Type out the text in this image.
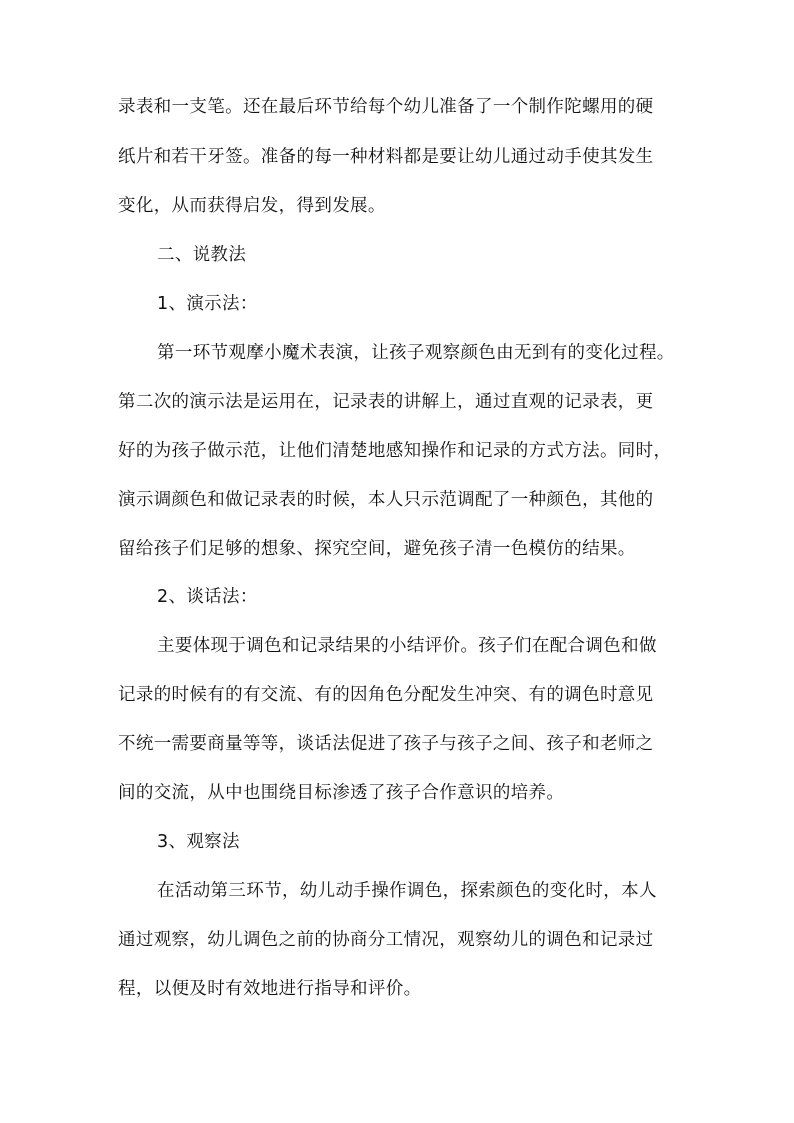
录表和一支笔。还在最后环节给每个幼儿准备了一个制作陀螺用的硬
纸片和若干牙签。准备的每一种材料都是要让幼儿通过动手使其发生
变化，从而获得启发，得到发展。
二、说教法
1、演示法：
第一环节观摩小魔术表演，让孩子观察颜色由无到有的变化过程。
第二次的演示法是运用在，记录表的讲解上，通过直观的记录表，更
好的为孩子做示范，让他们清楚地感知操作和记录的方式方法。同时，
演示调颜色和做记录表的时候，本人只示范调配了一种颜色，其他的
留给孩子们足够的想象、探究空间，避免孩子清一色模仿的结果。
2、谈话法：
主要体现于调色和记录结果的小结评价。孩子们在配合调色和做
记录的时候有的有交流、有的因角色分配发生冲突、有的调色时意见
不统一需要商量等等，谈话法促进了孩子与孩子之间、孩子和老师之
间的交流，从中也围绕目标渗透了孩子合作意识的培养。
3、观察法
在活动第三环节，幼儿动手操作调色，探索颜色的变化时，本人
通过观察，幼儿调色之前的协商分工情况，观察幼儿的调色和记录过
程，以便及时有效地进行指导和评价。
